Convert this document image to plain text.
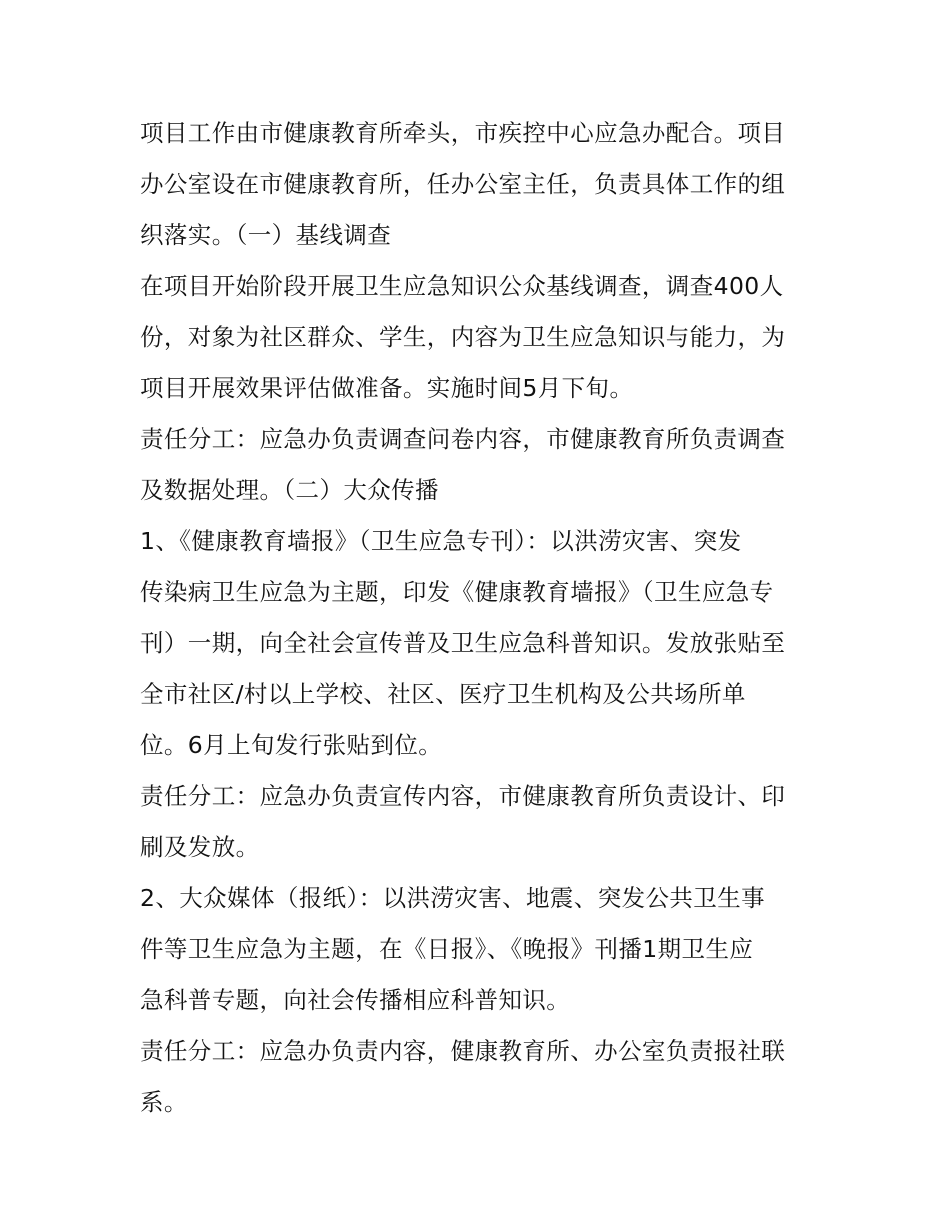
项目工作由市健康教育所牵头，市疾控中心应急办配合。项目
办公室设在市健康教育所，任办公室主任，负责具体工作的组
织落实。（一）基线调查
在项目开始阶段开展卫生应急知识公众基线调查，调查400人
份，对象为社区群众、学生，内容为卫生应急知识与能力，为
项目开展效果评估做准备。实施时间5月下旬。
责任分工：应急办负责调查问卷内容，市健康教育所负责调查
及数据处理。（二）大众传播
1、《健康教育墙报》（卫生应急专刊）：以洪涝灾害、突发
传染病卫生应急为主题，印发《健康教育墙报》（卫生应急专
刊）一期，向全社会宣传普及卫生应急科普知识。发放张贴至
全市社区/村以上学校、社区、医疗卫生机构及公共场所单
位。6月上旬发行张贴到位。
责任分工：应急办负责宣传内容，市健康教育所负责设计、印
刷及发放。
2、大众媒体（报纸）：以洪涝灾害、地震、突发公共卫生事
件等卫生应急为主题，在《日报》、《晚报》刊播1期卫生应
急科普专题，向社会传播相应科普知识。
责任分工：应急办负责内容，健康教育所、办公室负责报社联
系。
